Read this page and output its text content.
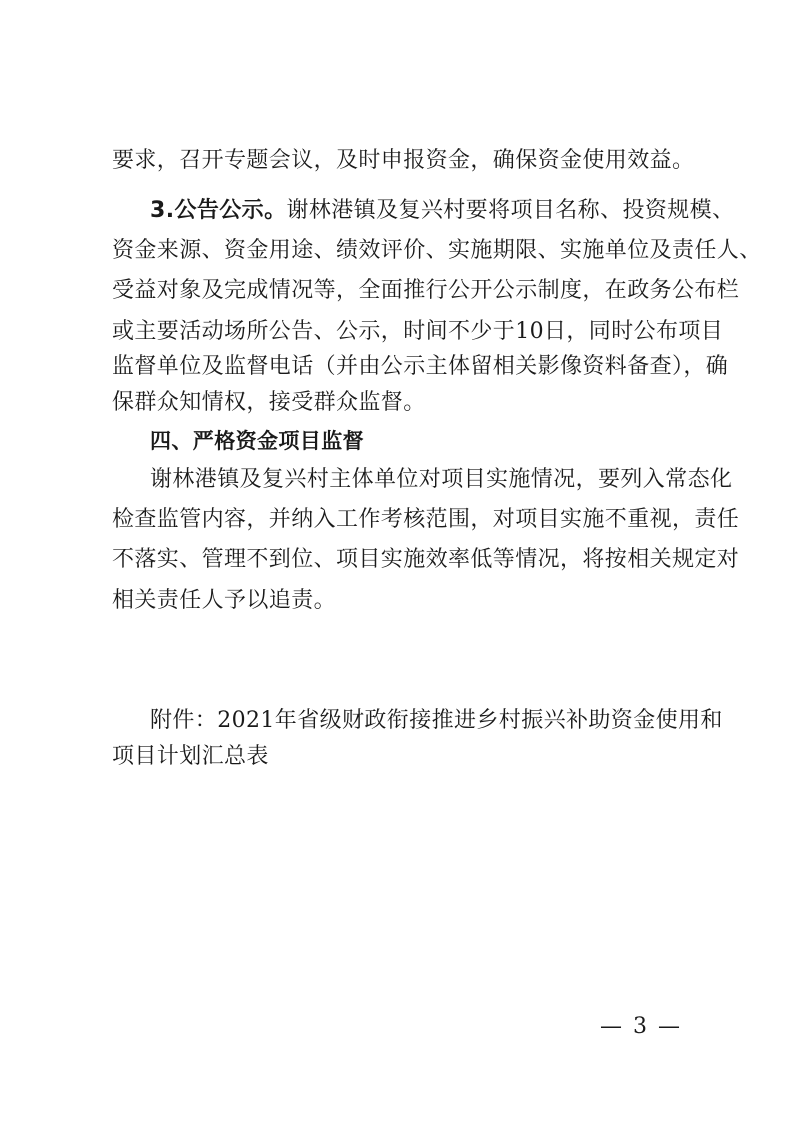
要求，召开专题会议，及时申报资金，确保资金使用效益。
3.公告公示。谢林港镇及复兴村要将项目名称、投资规模、
资金来源、资金用途、绩效评价、实施期限、实施单位及责任人、
受益对象及完成情况等，全面推行公开公示制度，在政务公布栏
或主要活动场所公告、公示，时间不少于10日，同时公布项目
监督单位及监督电话（并由公示主体留相关影像资料备查），确
保群众知情权，接受群众监督。
四、严格资金项目监督
谢林港镇及复兴村主体单位对项目实施情况，要列入常态化
检查监管内容，并纳入工作考核范围，对项目实施不重视，责任
不落实、管理不到位、项目实施效率低等情况，将按相关规定对
相关责任人予以追责。
附件：2021年省级财政衔接推进乡村振兴补助资金使用和
项目计划汇总表
— 3 —
